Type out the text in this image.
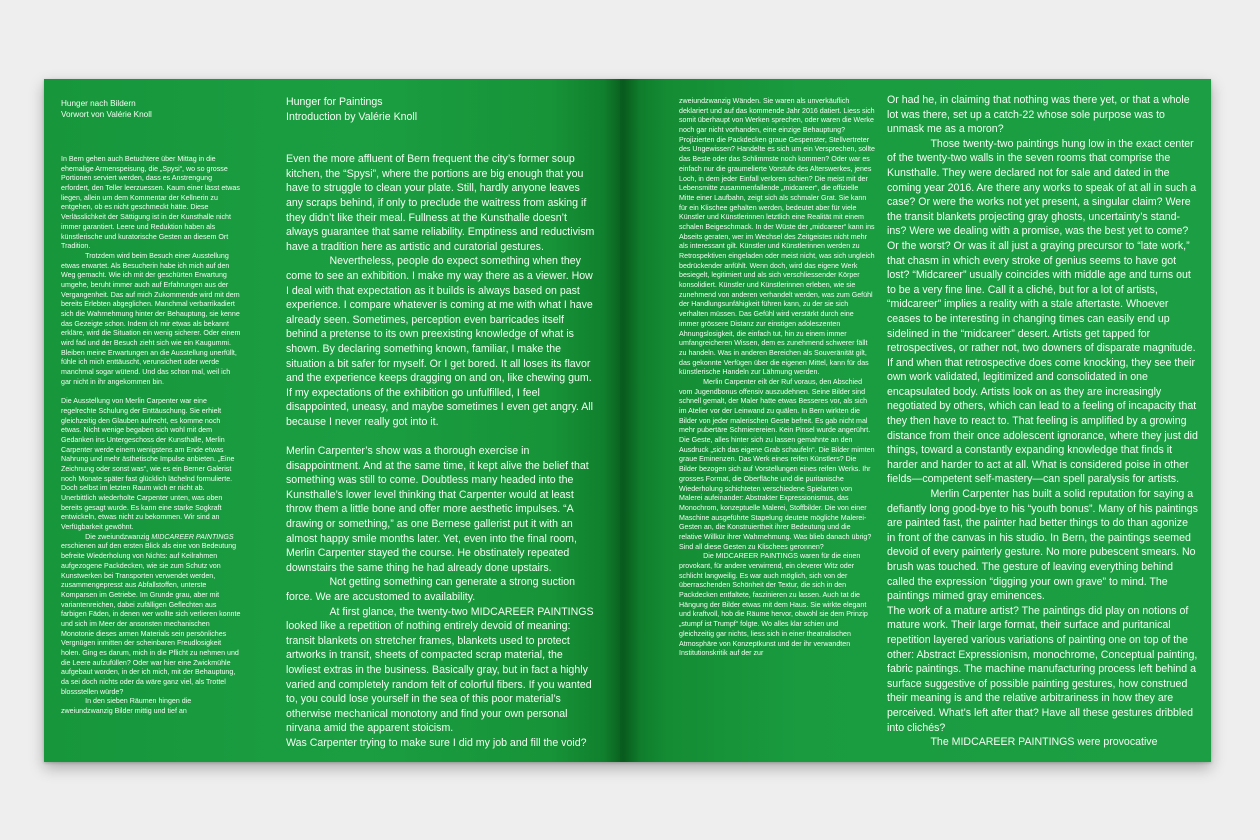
Hunger nach Bildern
Vorwort von Valérie Knoll

In Bern gehen auch Betuchtere über Mittag in die ehemalige Armenspeisung, die „Spysi“, wo so grosse Portionen serviert werden, dass es Anstrengung erfordert, den Teller leerzuessen. Kaum einer lässt etwas liegen, allein um dem Kommentar der Kellnerin zu entgehen, ob es nicht geschmeckt hätte. Diese Verlässlichkeit der Sättigung ist in der Kunsthalle nicht immer garantiert. Leere und Reduktion haben als künstlerische und kuratorische Gesten an diesem Ort Tradition.

Trotzdem wird beim Besuch einer Ausstellung etwas erwartet. Als Besucherin habe ich mich auf den Weg gemacht. Wie ich mit der geschürten Erwartung umgehe, beruht immer auch auf Erfahrungen aus der Vergangenheit. Das auf mich Zukommende wird mit dem bereits Erlebten abgeglichen. Manchmal verbarrikadiert sich die Wahrnehmung hinter der Behauptung, sie kenne das Gezeigte schon. Indem ich mir etwas als bekannt erkläre, wird die Situation ein wenig sicherer. Oder einem wird fad und der Besuch zieht sich wie ein Kaugummi. Bleiben meine Erwartungen an die Ausstellung unerfüllt, fühle ich mich enttäuscht, verunsichert oder werde manchmal sogar wütend. Und das schon mal, weil ich gar nicht in ihr angekommen bin.

Die Ausstellung von Merlin Carpenter war eine regelrechte Schulung der Enttäuschung. Sie erhielt gleichzeitig den Glauben aufrecht, es komme noch etwas. Nicht wenige begaben sich wohl mit dem Gedanken ins Untergeschoss der Kunsthalle, Merlin Carpenter werde einem wenigstens am Ende etwas Nahrung und mehr ästhetische Impulse anbieten. „Eine Zeichnung oder sonst was“, wie es ein Berner Galerist noch Monate später fast glücklich lächelnd formulierte. Doch selbst im letzten Raum wich er nicht ab. Unerbittlich wiederholte Carpenter unten, was oben bereits gesagt wurde. Es kann eine starke Sogkraft entwickeln, etwas nicht zu bekommen. Wir sind an Verfügbarkeit gewöhnt.

Die zweiundzwanzig MIDCAREER PAINTINGS erschienen auf den ersten Blick als eine von Bedeutung befreite Wiederholung von Nichts: auf Keilrahmen aufgezogene Packdecken, wie sie zum Schutz von Kunstwerken bei Transporten verwendet werden, zusammengepresst aus Abfallstoffen, unterste Komparsen im Getriebe. Im Grunde grau, aber mit variantenreichen, dabei zufälligen Geflechten aus farbigen Fäden, in denen wer wollte sich verlieren konnte und sich im Meer der ansonsten mechanischen Monotonie dieses armen Materials sein persönliches Vergnügen inmitten der scheinbaren Freudlosigkeit holen. Ging es darum, mich in die Pflicht zu nehmen und die Leere aufzufüllen? Oder war hier eine Zwickmühle aufgebaut worden, in der ich mich, mit der Behauptung, da sei doch nichts oder da wäre ganz viel, als Trottel blossstellen würde?

In den sieben Räumen hingen die zweiundzwanzig Bilder mittig und tief an

Hunger for Paintings
Introduction by Valérie Knoll

Even the more affluent of Bern frequent the city’s former soup kitchen, the “Spysi”, where the portions are big enough that you have to struggle to clean your plate. Still, hardly anyone leaves any scraps behind, if only to preclude the waitress from asking if they didn’t like their meal. Fullness at the Kunsthalle doesn’t always guarantee that same reliability. Emptiness and reductivism have a tradition here as artistic and curatorial gestures.

Nevertheless, people do expect something when they come to see an exhibition. I make my way there as a viewer. How I deal with that expectation as it builds is always based on past experience. I compare whatever is coming at me with what I have already seen. Sometimes, perception even barricades itself behind a pretense to its own preexisting knowledge of what is shown. By declaring something known, familiar, I make the situation a bit safer for myself. Or I get bored. It all loses its flavor and the experience keeps dragging on and on, like chewing gum. If my expectations of the exhibition go unfulfilled, I feel disappointed, uneasy, and maybe sometimes I even get angry. All because I never really got into it.

Merlin Carpenter’s show was a thorough exercise in disappointment. And at the same time, it kept alive the belief that something was still to come. Doubtless many headed into the Kunsthalle’s lower level thinking that Carpenter would at least throw them a little bone and offer more aesthetic impulses. “A drawing or something,” as one Bernese gallerist put it with an almost happy smile months later. Yet, even into the final room, Merlin Carpenter stayed the course. He obstinately repeated downstairs the same thing he had already done upstairs.

Not getting something can generate a strong suction force. We are accustomed to availability.

At first glance, the twenty-two MIDCAREER PAINTINGS looked like a repetition of nothing entirely devoid of meaning: transit blankets on stretcher frames, blankets used to protect artworks in transit, sheets of compacted scrap material, the lowliest extras in the business. Basically gray, but in fact a highly varied and completely random felt of colorful fibers. If you wanted to, you could lose yourself in the sea of this poor material’s otherwise mechanical monotony and find your own personal nirvana amid the apparent stoicism.

Was Carpenter trying to make sure I did my job and fill the void?

zweiundzwanzig Wänden. Sie waren als unverkäuflich deklariert und auf das kommende Jahr 2016 datiert. Liess sich somit überhaupt von Werken sprechen, oder waren die Werke noch gar nicht vorhanden, eine einzige Behauptung? Projizierten die Packdecken graue Gespenster, Stellvertreter des Ungewissen? Handelte es sich um ein Versprechen, sollte das Beste oder das Schlimmste noch kommen? Oder war es einfach nur die graumelierte Vorstufe des Alterswerkes, jenes Loch, in dem jeder Einfall verloren schien? Die meist mit der Lebensmitte zusammenfallende „midcareer“, die offizielle Mitte einer Laufbahn, zeigt sich als schmaler Grat. Sie kann für ein Klischee gehalten werden, bedeutet aber für viele Künstler und Künstlerinnen letztlich eine Realität mit einem schalen Beigeschmack. In der Wüste der „midcareer“ kann ins Abseits geraten, wer im Wechsel des Zeitgeistes nicht mehr als interessant gilt. Künstler und Künstlerinnen werden zu Retrospektiven eingeladen oder meist nicht, was sich ungleich bedrückender anfühlt. Wenn doch, wird das eigene Werk besiegelt, legitimiert und als sich verschliessender Körper konsolidiert. Künstler und Künstlerinnen erleben, wie sie zunehmend von anderen verhandelt werden, was zum Gefühl der Handlungsunfähigkeit führen kann, zu der sie sich verhalten müssen. Das Gefühl wird verstärkt durch eine immer grössere Distanz zur einstigen adoleszenten Ahnungslosigkeit, die einfach tut, hin zu einem immer umfangreicheren Wissen, dem es zunehmend schwerer fällt zu handeln. Was in anderen Bereichen als Souveränität gilt, das gekonnte Verfügen über die eigenen Mittel, kann für das künstlerische Handeln zur Lähmung werden.

Merlin Carpenter eilt der Ruf voraus, den Abschied vom Jugendbonus offensiv auszudehnen. Seine Bilder sind schnell gemalt, der Maler hatte etwas Besseres vor, als sich im Atelier vor der Leinwand zu quälen. In Bern wirkten die Bilder von jeder malerischen Geste befreit. Es gab nicht mal mehr pubertäre Schmierereien. Kein Pinsel wurde angerührt. Die Geste, alles hinter sich zu lassen gemahnte an den Ausdruck „sich das eigene Grab schaufeln“. Die Bilder mimten graue Eminenzen. Das Werk eines reifen Künstlers? Die Bilder bezogen sich auf Vorstellungen eines reifen Werks. Ihr grosses Format, die Oberfläche und die puritanische Wiederholung schichteten verschiedene Spielarten von Malerei aufeinander: Abstrakter Expressionismus, das Monochrom, konzeptuelle Malerei, Stoffbilder. Die von einer Maschine ausgeführte Stapelung deutete mögliche Malerei-Gesten an, die Konstruiertheit ihrer Bedeutung und die relative Willkür ihrer Wahrnehmung. Was blieb danach übrig? Sind all diese Gesten zu Klischees geronnen?

Die MIDCAREER PAINTINGS waren für die einen provokant, für andere verwirrend, ein cleverer Witz oder schlicht langweilig. Es war auch möglich, sich von der überraschenden Schönheit der Textur, die sich in den Packdecken entfaltete, faszinieren zu lassen. Auch tat die Hängung der Bilder etwas mit dem Haus. Sie wirkte elegant und kraftvoll, hob die Räume hervor, obwohl sie dem Prinzip „stumpf ist Trumpf“ folgte. Wo alles klar schien und gleichzeitig gar nichts, liess sich in einer theatralischen Atmosphäre von Konzeptkunst und der ihr verwandten Institutionskritik auf der zur

Or had he, in claiming that nothing was there yet, or that a whole lot was there, set up a catch-22 whose sole purpose was to unmask me as a moron?

Those twenty-two paintings hung low in the exact center of the twenty-two walls in the seven rooms that comprise the Kunsthalle. They were declared not for sale and dated in the coming year 2016. Are there any works to speak of at all in such a case? Or were the works not yet present, a singular claim? Were the transit blankets projecting gray ghosts, uncertainty’s stand-ins? Were we dealing with a promise, was the best yet to come? Or the worst? Or was it all just a graying precursor to “late work,” that chasm in which every stroke of genius seems to have got lost? “Midcareer” usually coincides with middle age and turns out to be a very fine line. Call it a cliché, but for a lot of artists, “midcareer” implies a reality with a stale aftertaste. Whoever ceases to be interesting in changing times can easily end up sidelined in the “midcareer” desert. Artists get tapped for retrospectives, or rather not, two downers of disparate magnitude. If and when that retrospective does come knocking, they see their own work validated, legitimized and consolidated in one encapsulated body. Artists look on as they are increasingly negotiated by others, which can lead to a feeling of incapacity that they then have to react to. That feeling is amplified by a growing distance from their once adolescent ignorance, where they just did things, toward a constantly expanding knowledge that finds it harder and harder to act at all. What is considered poise in other fields—competent self-mastery—can spell paralysis for artists.

Merlin Carpenter has built a solid reputation for saying a defiantly long good-bye to his “youth bonus”. Many of his paintings are painted fast, the painter had better things to do than agonize in front of the canvas in his studio. In Bern, the paintings seemed devoid of every painterly gesture. No more pubescent smears. No brush was touched. The gesture of leaving everything behind called the expression “digging your own grave” to mind. The paintings mimed gray eminences.

The work of a mature artist? The paintings did play on notions of mature work. Their large format, their surface and puritanical repetition layered various variations of painting one on top of the other: Abstract Expressionism, monochrome, Conceptual painting, fabric paintings. The machine manufacturing process left behind a surface suggestive of possible painting gestures, how construed their meaning is and the relative arbitrariness in how they are perceived. What’s left after that? Have all these gestures dribbled into clichés?

The MIDCAREER PAINTINGS were provocative
